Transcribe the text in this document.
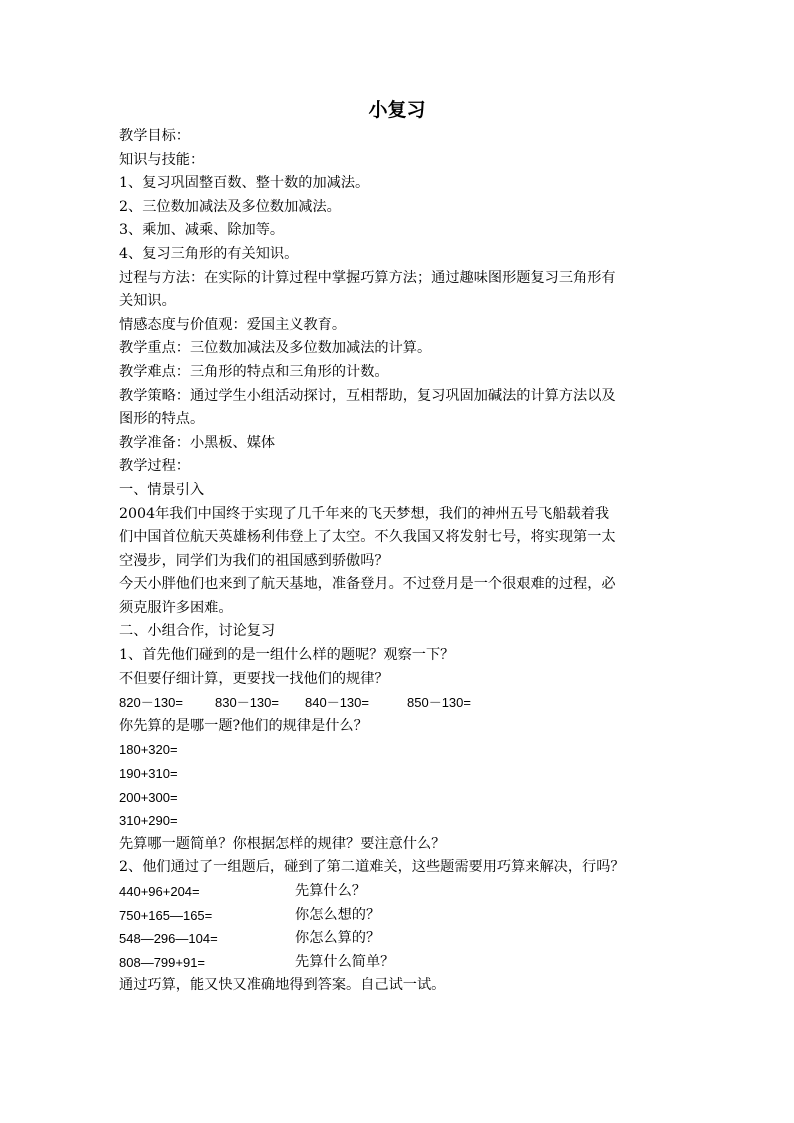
小复习
教学目标：
知识与技能：
1、复习巩固整百数、整十数的加减法。
2、三位数加减法及多位数加减法。
3、乘加、减乘、除加等。
4、复习三角形的有关知识。
过程与方法：在实际的计算过程中掌握巧算方法；通过趣味图形题复习三角形有
关知识。
情感态度与价值观：爱国主义教育。
教学重点：三位数加减法及多位数加减法的计算。
教学难点：三角形的特点和三角形的计数。
教学策略：通过学生小组活动探讨，互相帮助，复习巩固加碱法的计算方法以及
图形的特点。
教学准备：小黑板、媒体
教学过程：
一、情景引入
2004年我们中国终于实现了几千年来的飞天梦想，我们的神州五号飞船载着我
们中国首位航天英雄杨利伟登上了太空。不久我国又将发射七号，将实现第一太
空漫步，同学们为我们的祖国感到骄傲吗？
今天小胖他们也来到了航天基地，准备登月。不过登月是一个很艰难的过程，必
须克服许多困难。
二、小组合作，讨论复习
1、首先他们碰到的是一组什么样的题呢？观察一下？
不但要仔细计算，更要找一找他们的规律？
820－130=	830－130=	840－130=	850－130=
你先算的是哪一题?他们的规律是什么？
180+320=
190+310=
200+300=
310+290=
先算哪一题简单？你根据怎样的规律？要注意什么？
2、他们通过了一组题后，碰到了第二道难关，这些题需要用巧算来解决，行吗？
440+96+204=	先算什么？
750+165—165=	你怎么想的？
548—296—104=	你怎么算的？
808—799+91=	先算什么简单？
通过巧算，能又快又准确地得到答案。自己试一试。
